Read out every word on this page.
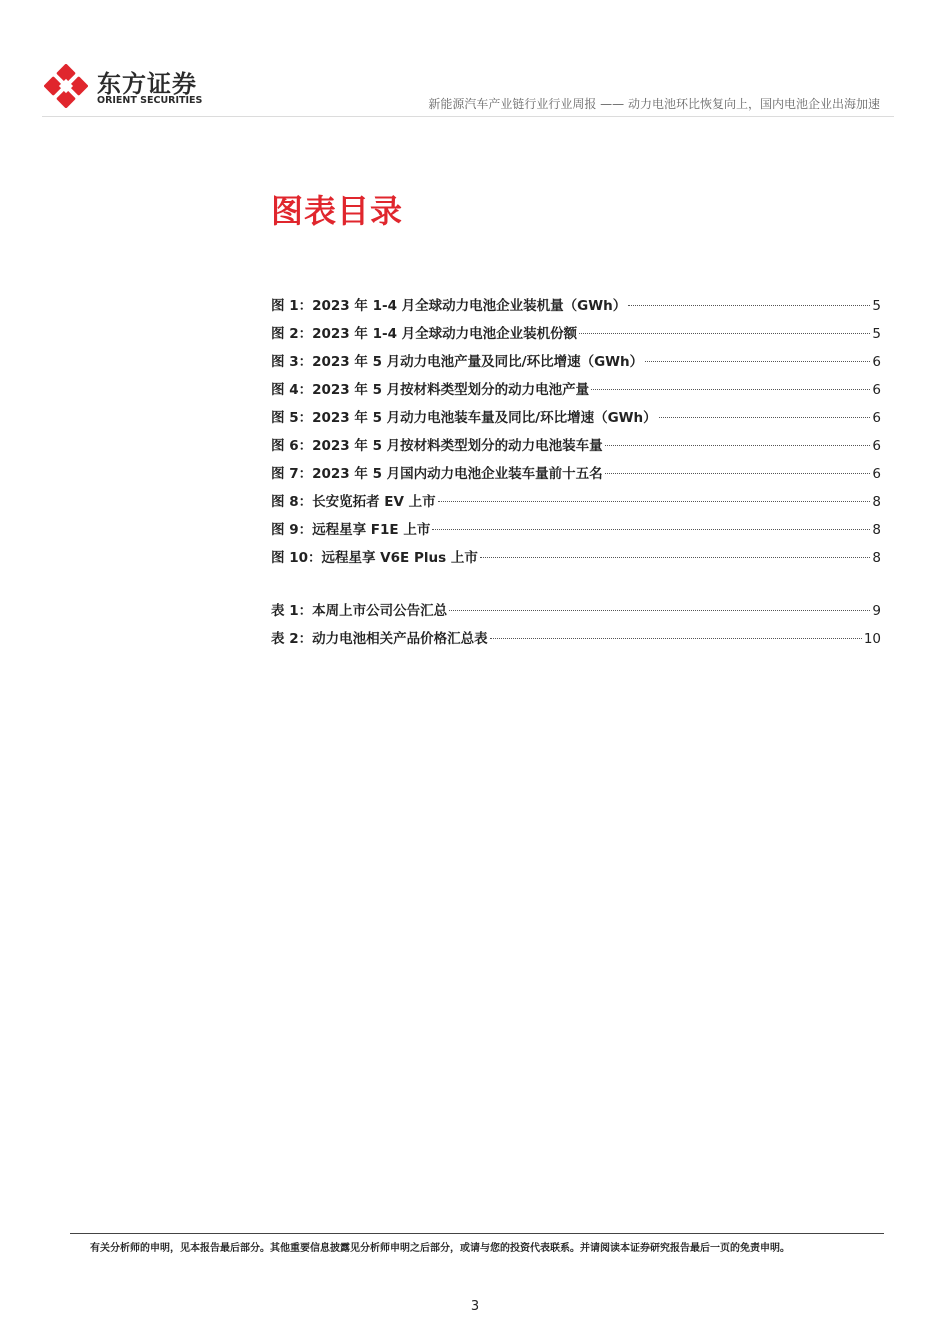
东方证券
ORIENT SECURITIES	新能源汽车产业链行业行业周报 —— 动力电池环比恢复向上，国内电池企业出海加速
图表目录
图 1：2023 年 1-4 月全球动力电池企业装机量（GWh）	5
图 2：2023 年 1-4 月全球动力电池企业装机份额	5
图 3：2023 年 5 月动力电池产量及同比/环比增速（GWh）	6
图 4：2023 年 5 月按材料类型划分的动力电池产量	6
图 5：2023 年 5 月动力电池装车量及同比/环比增速（GWh）	6
图 6：2023 年 5 月按材料类型划分的动力电池装车量	6
图 7：2023 年 5 月国内动力电池企业装车量前十五名	6
图 8：长安览拓者 EV 上市	8
图 9：远程星享 F1E 上市	8
图 10：远程星享 V6E Plus 上市	8
表 1：本周上市公司公告汇总	9
表 2：动力电池相关产品价格汇总表	10
有关分析师的申明，见本报告最后部分。其他重要信息披露见分析师申明之后部分，或请与您的投资代表联系。并请阅读本证券研究报告最后一页的免责申明。
3
